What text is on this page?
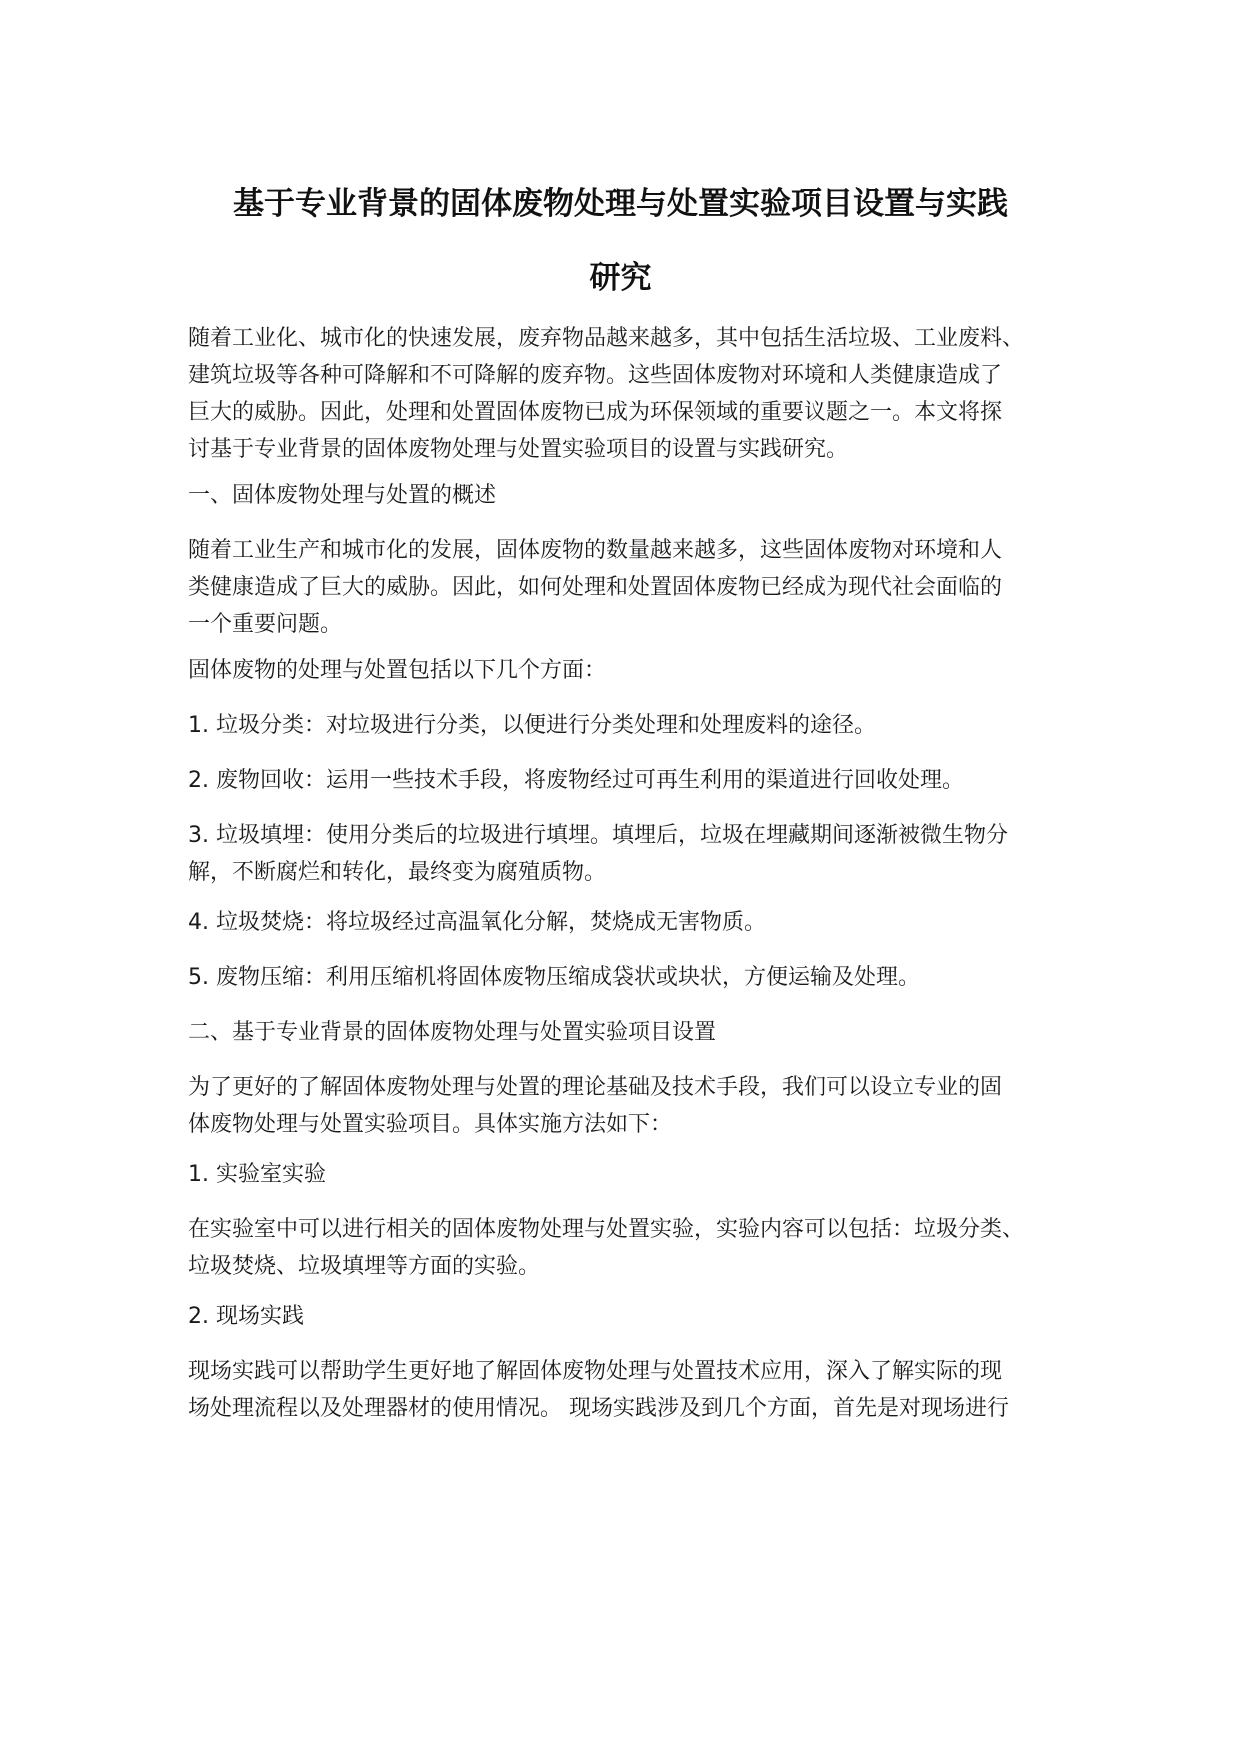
基于专业背景的固体废物处理与处置实验项目设置与实践
研究
随着工业化、城市化的快速发展，废弃物品越来越多，其中包括生活垃圾、工业废料、
建筑垃圾等各种可降解和不可降解的废弃物。这些固体废物对环境和人类健康造成了
巨大的威胁。因此，处理和处置固体废物已成为环保领域的重要议题之一。本文将探
讨基于专业背景的固体废物处理与处置实验项目的设置与实践研究。
一、固体废物处理与处置的概述
随着工业生产和城市化的发展，固体废物的数量越来越多，这些固体废物对环境和人
类健康造成了巨大的威胁。因此，如何处理和处置固体废物已经成为现代社会面临的
一个重要问题。
固体废物的处理与处置包括以下几个方面：
1. 垃圾分类：对垃圾进行分类，以便进行分类处理和处理废料的途径。
2. 废物回收：运用一些技术手段，将废物经过可再生利用的渠道进行回收处理。
3. 垃圾填埋：使用分类后的垃圾进行填埋。填埋后，垃圾在埋藏期间逐渐被微生物分
解，不断腐烂和转化，最终变为腐殖质物。
4. 垃圾焚烧：将垃圾经过高温氧化分解，焚烧成无害物质。
5. 废物压缩：利用压缩机将固体废物压缩成袋状或块状，方便运输及处理。
二、基于专业背景的固体废物处理与处置实验项目设置
为了更好的了解固体废物处理与处置的理论基础及技术手段，我们可以设立专业的固
体废物处理与处置实验项目。具体实施方法如下：
1. 实验室实验
在实验室中可以进行相关的固体废物处理与处置实验，实验内容可以包括：垃圾分类、
垃圾焚烧、垃圾填埋等方面的实验。
2. 现场实践
现场实践可以帮助学生更好地了解固体废物处理与处置技术应用，深入了解实际的现
场处理流程以及处理器材的使用情况。 现场实践涉及到几个方面，首先是对现场进行
